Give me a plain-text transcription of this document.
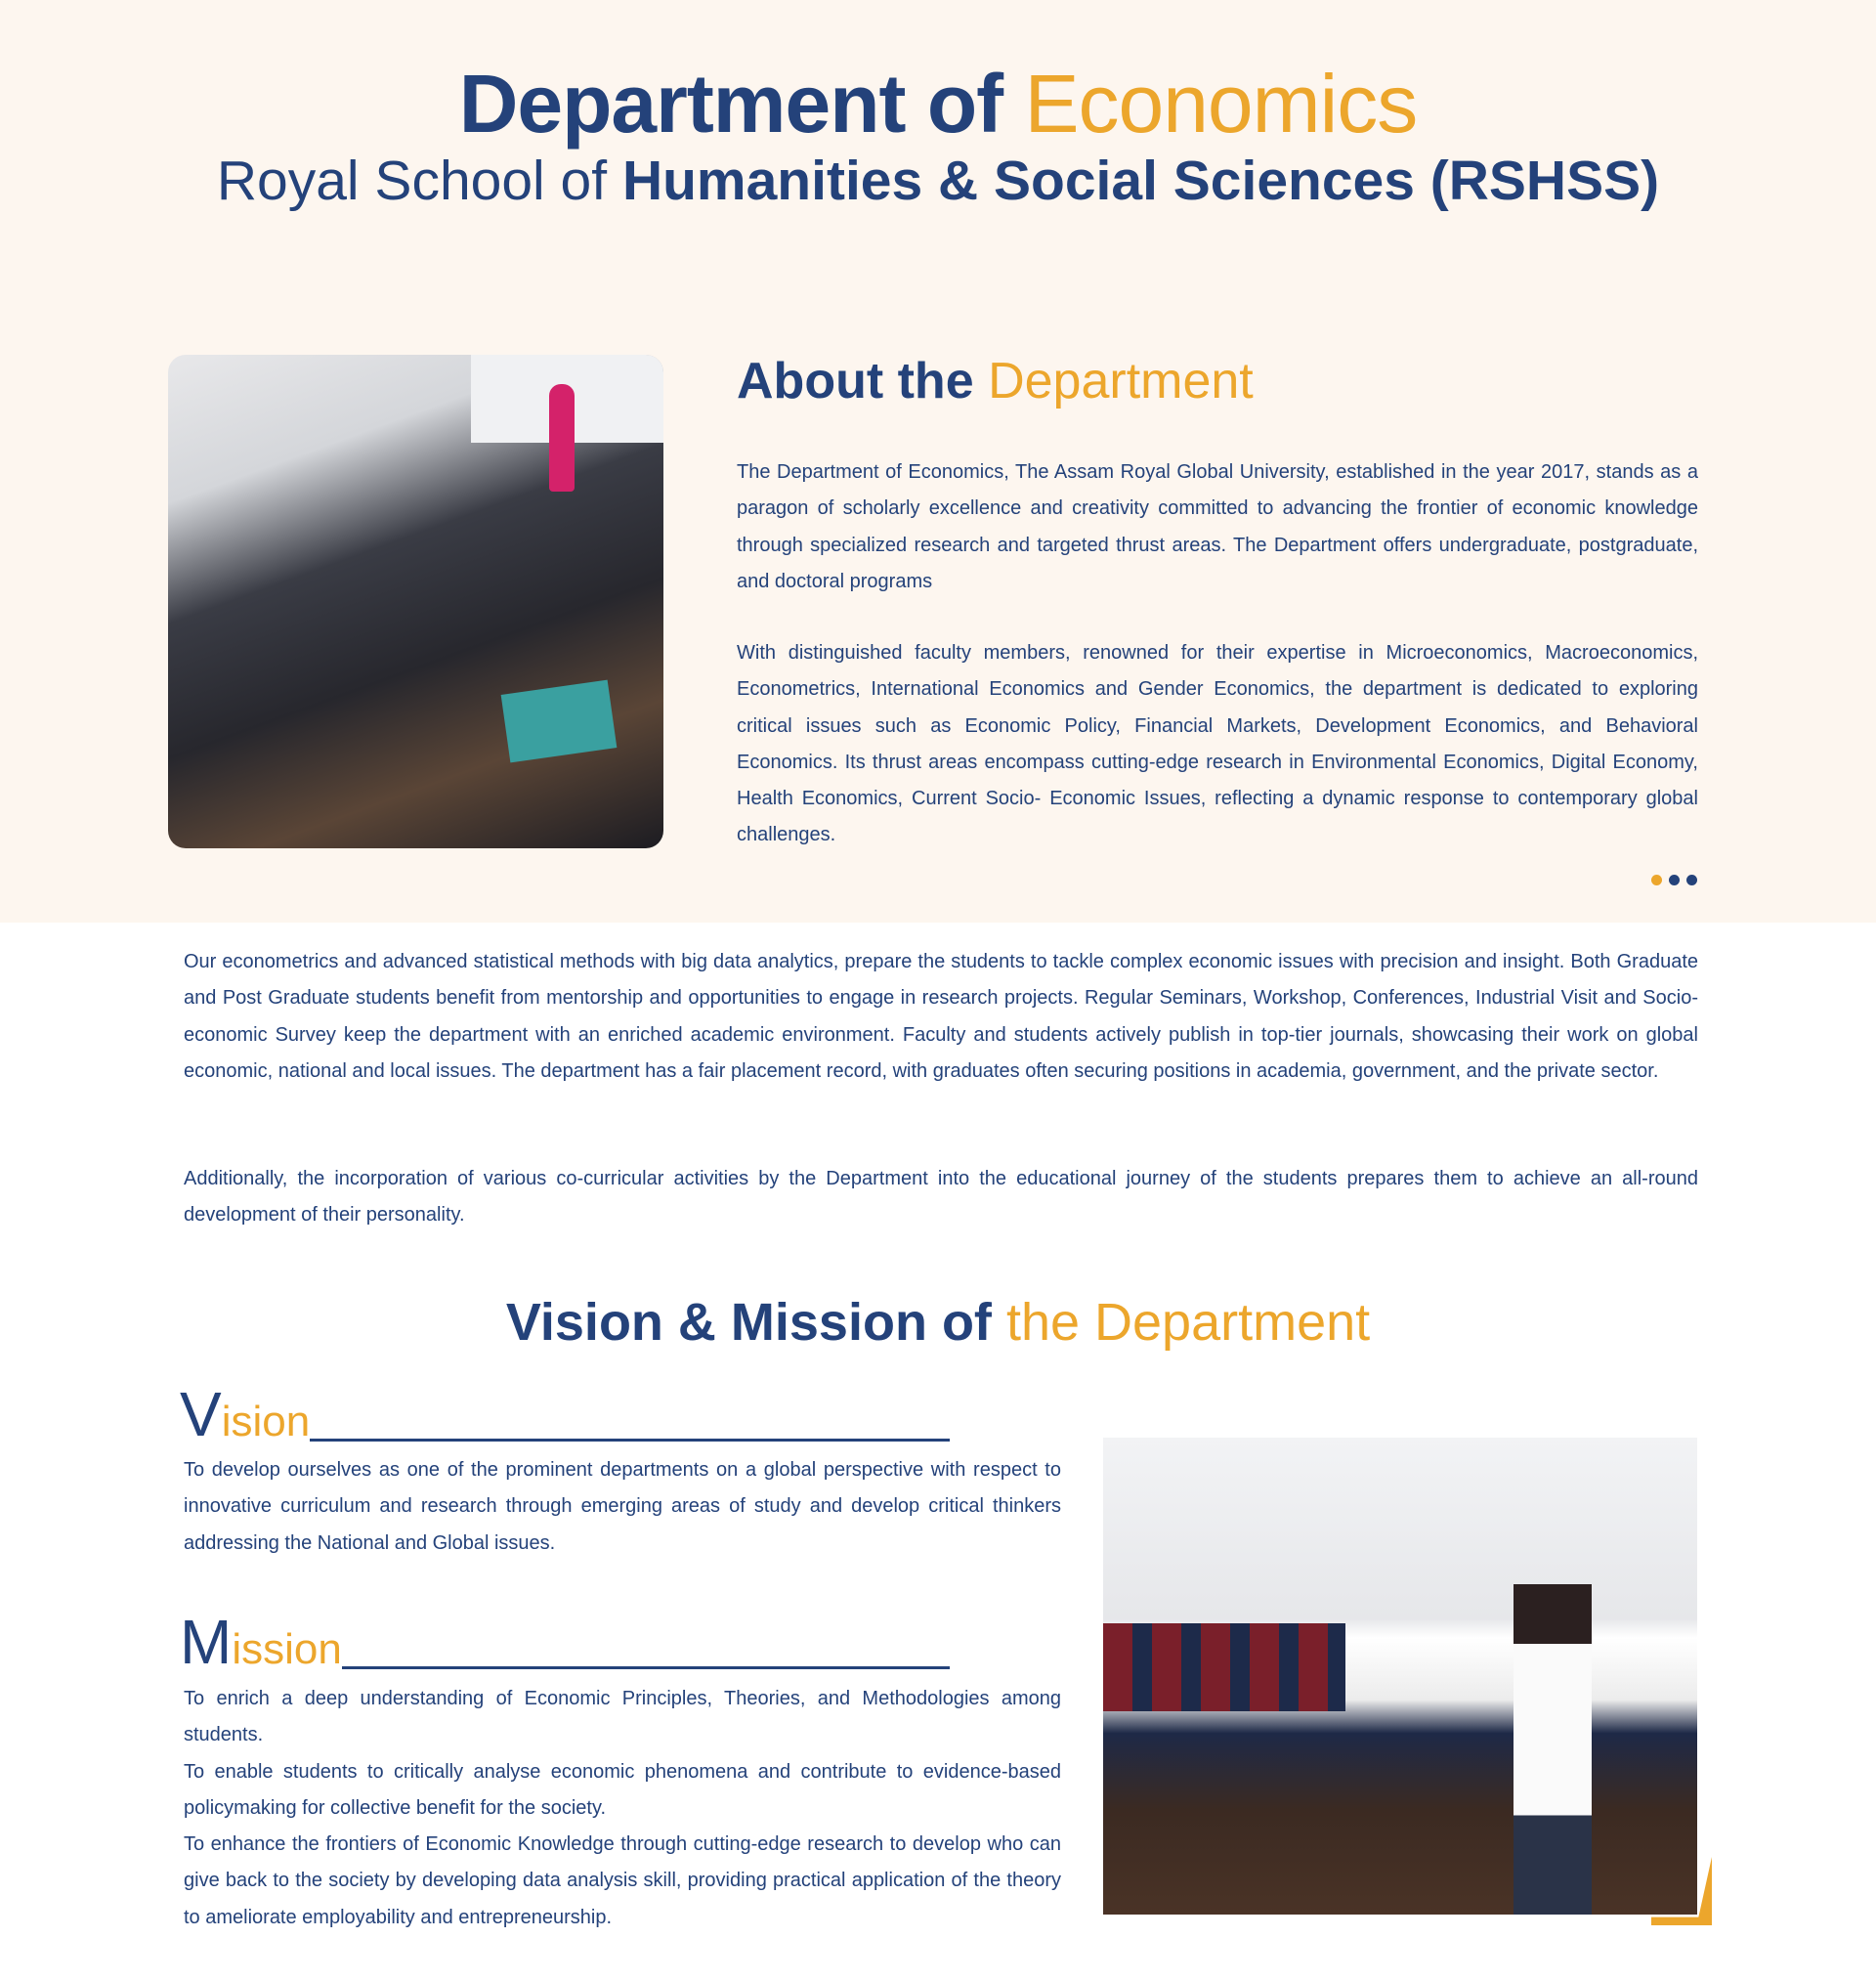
Department of Economics
Royal School of Humanities & Social Sciences (RSHSS)
About the Department

The Department of Economics, The Assam Royal Global University, established in the year 2017, stands as a paragon of scholarly excellence and creativity committed to advancing the frontier of economic knowledge through specialized research and targeted thrust areas. The Department offers undergraduate, postgraduate, and doctoral programs

With distinguished faculty members, renowned for their expertise in Microeconomics, Macroeconomics, Econometrics, International Economics and Gender Economics, the department is dedicated to exploring critical issues such as Economic Policy, Financial Markets, Development Economics, and Behavioral Economics. Its thrust areas encompass cutting-edge research in Environmental Economics, Digital Economy, Health Economics, Current Socio- Economic Issues, reflecting a dynamic response to contemporary global challenges.

Our econometrics and advanced statistical methods with big data analytics, prepare the students to tackle complex economic issues with precision and insight. Both Graduate and Post Graduate students benefit from mentorship and opportunities to engage in research projects. Regular Seminars, Workshop, Conferences, Industrial Visit and Socio-economic Survey keep the department with an enriched academic environment. Faculty and students actively publish in top-tier journals, showcasing their work on global economic, national and local issues. The department has a fair placement record, with graduates often securing positions in academia, government, and the private sector.

Additionally, the incorporation of various co-curricular activities by the Department into the educational journey of the students prepares them to achieve an all-round development of their personality.

Vision & Mission of the Department
Vision

To develop ourselves as one of the prominent departments on a global perspective with respect to innovative curriculum and research through emerging areas of study and develop critical thinkers addressing the National and Global issues.

Mission

To enrich a deep understanding of Economic Principles, Theories, and Methodologies among students.

To enable students to critically analyse economic phenomena and contribute to evidence-based policymaking for collective benefit for the society.

To enhance the frontiers of Economic Knowledge through cutting-edge research to develop who can give back to the society by developing data analysis skill, providing practical application of the theory to ameliorate employability and entrepreneurship.
